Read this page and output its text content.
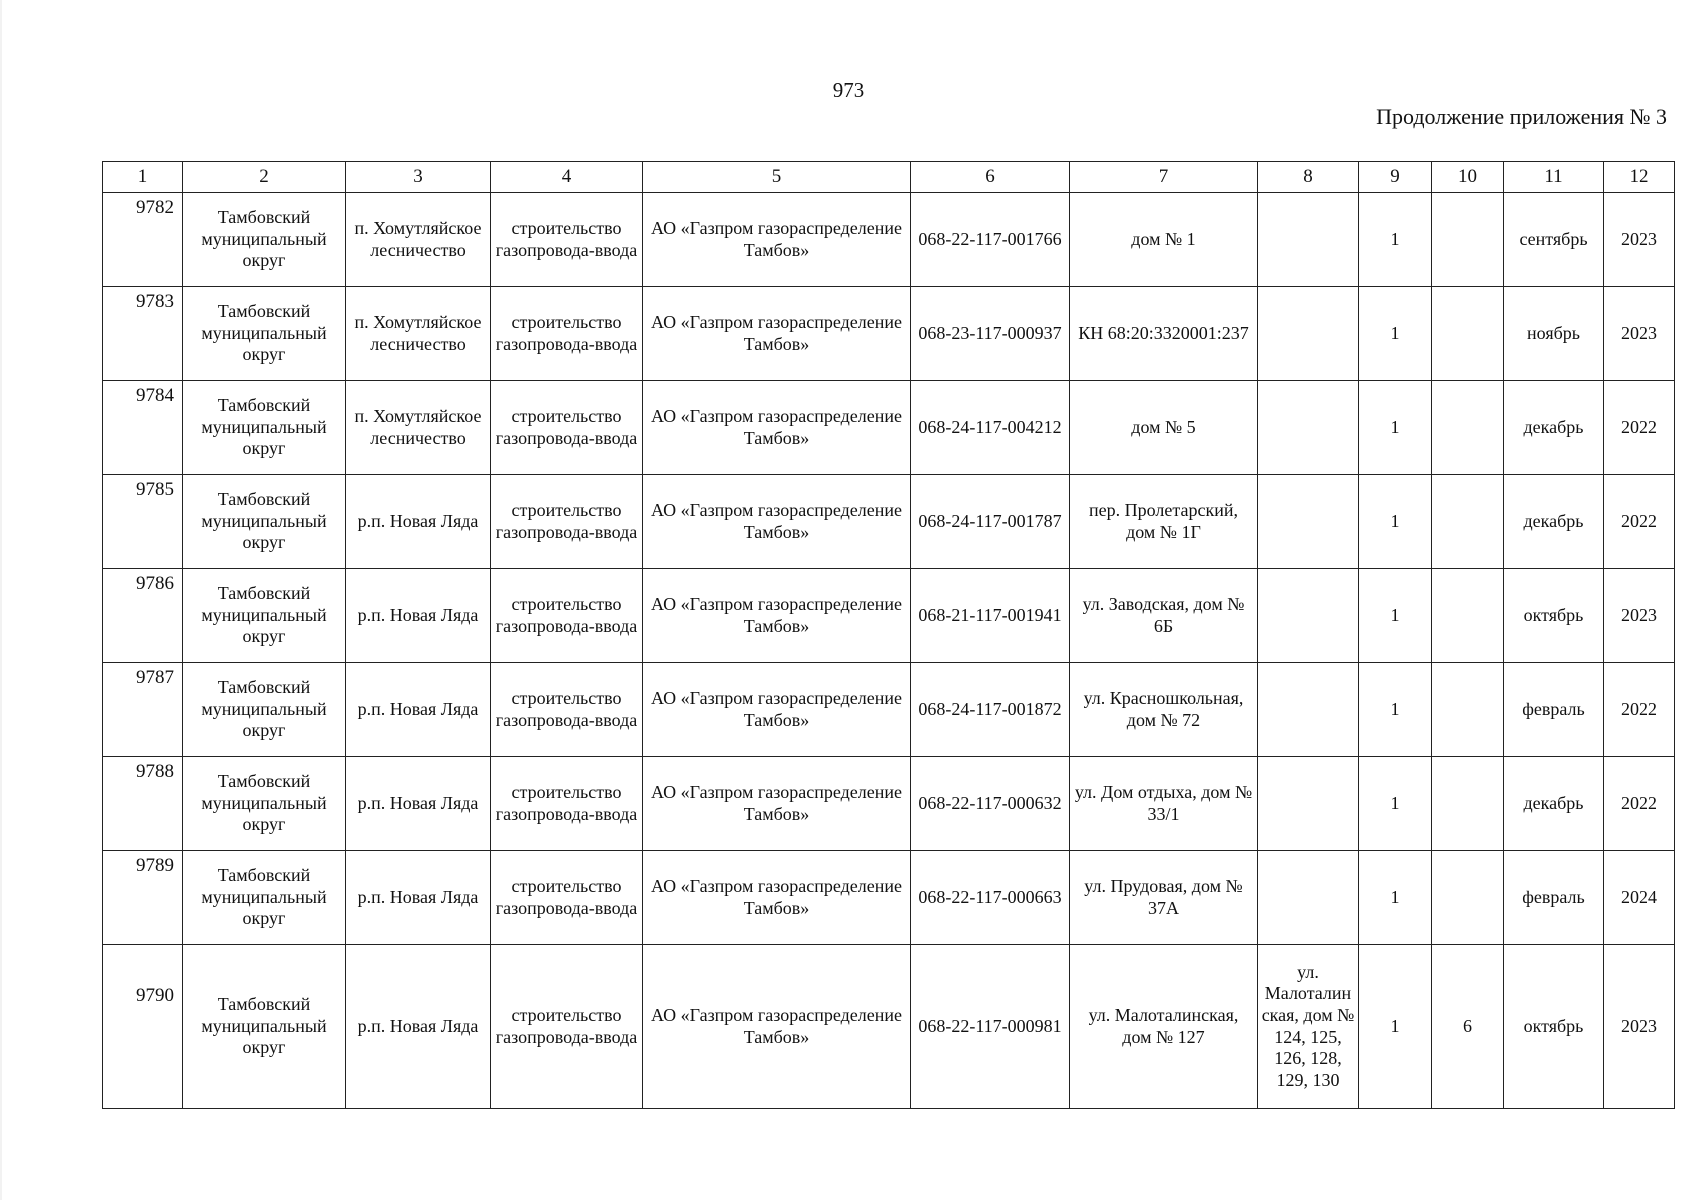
973
Продолжение приложения № 3
1	2	3	4	5	6	7	8	9	10	11	12
9782	Тамбовский муниципальный округ	п. Хомутляйское лесничество	строительство газопровода-ввода	АО «Газпром газораспределение Тамбов»	068-22-117-001766	дом № 1		1		сентябрь	2023
9783	Тамбовский муниципальный округ	п. Хомутляйское лесничество	строительство газопровода-ввода	АО «Газпром газораспределение Тамбов»	068-23-117-000937	КН 68:20:3320001:237		1		ноябрь	2023
9784	Тамбовский муниципальный округ	п. Хомутляйское лесничество	строительство газопровода-ввода	АО «Газпром газораспределение Тамбов»	068-24-117-004212	дом № 5		1		декабрь	2022
9785	Тамбовский муниципальный округ	р.п. Новая Ляда	строительство газопровода-ввода	АО «Газпром газораспределение Тамбов»	068-24-117-001787	пер. Пролетарский, дом № 1Г		1		декабрь	2022
9786	Тамбовский муниципальный округ	р.п. Новая Ляда	строительство газопровода-ввода	АО «Газпром газораспределение Тамбов»	068-21-117-001941	ул. Заводская, дом № 6Б		1		октябрь	2023
9787	Тамбовский муниципальный округ	р.п. Новая Ляда	строительство газопровода-ввода	АО «Газпром газораспределение Тамбов»	068-24-117-001872	ул. Красношкольная, дом № 72		1		февраль	2022
9788	Тамбовский муниципальный округ	р.п. Новая Ляда	строительство газопровода-ввода	АО «Газпром газораспределение Тамбов»	068-22-117-000632	ул. Дом отдыха, дом № 33/1		1		декабрь	2022
9789	Тамбовский муниципальный округ	р.п. Новая Ляда	строительство газопровода-ввода	АО «Газпром газораспределение Тамбов»	068-22-117-000663	ул. Прудовая, дом № 37А		1		февраль	2024
9790	Тамбовский муниципальный округ	р.п. Новая Ляда	строительство газопровода-ввода	АО «Газпром газораспределение Тамбов»	068-22-117-000981	ул. Малоталинская, дом № 127	ул. Малоталинская, дом № 124, 125, 126, 128, 129, 130	1	6	октябрь	2023
